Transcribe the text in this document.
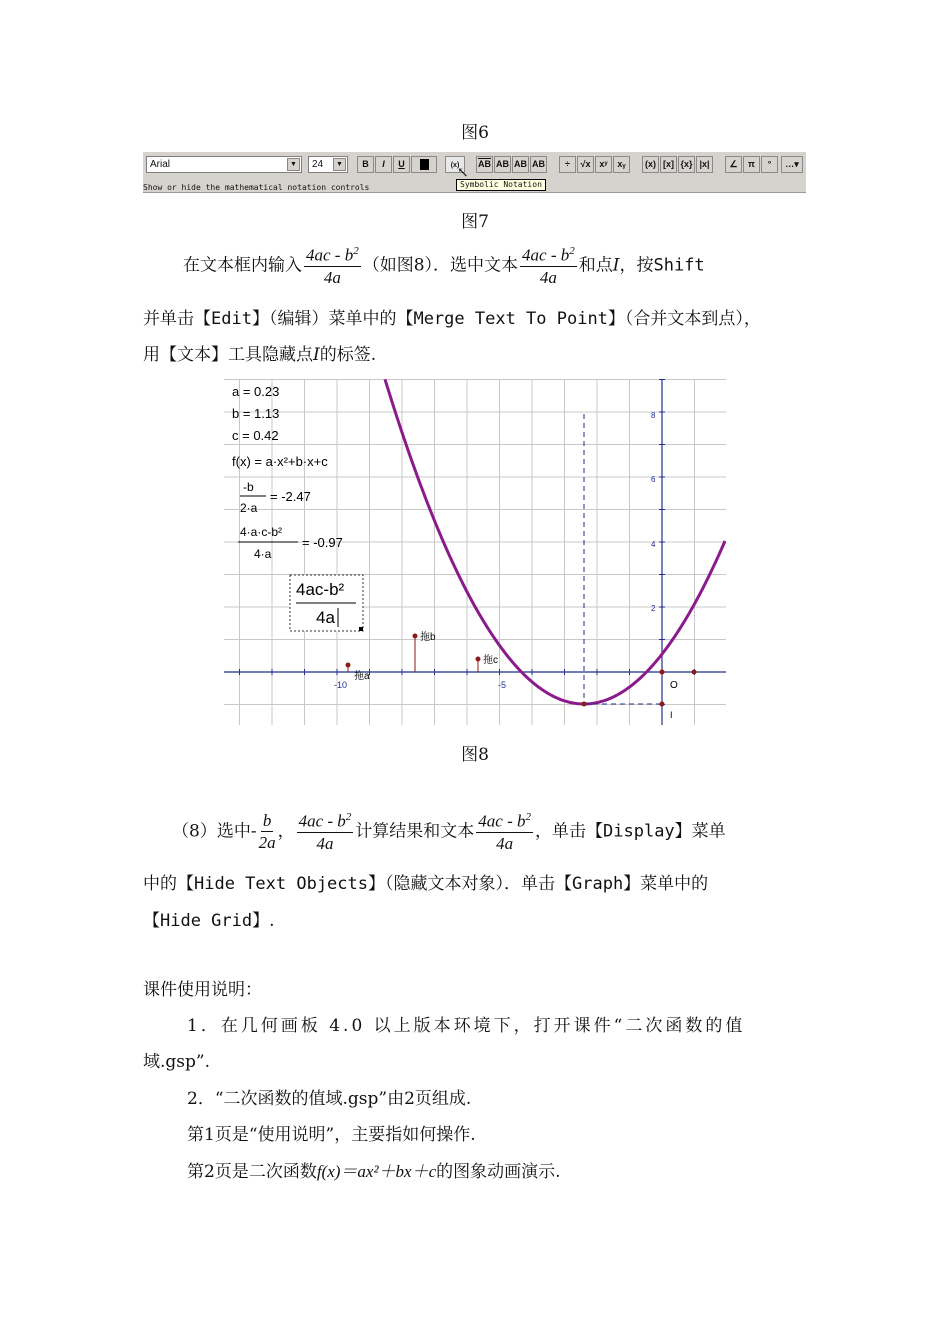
图6
Arial	▼	24	▼	B	I	U	(x)	$\overline{AB}$ AB AB AB	÷	√x xʸ	xᵧ	(x) [x] {x} |x|	∠	π	°	…▾
Show or hide the mathematical notation controls	Symbolic Notation
↖
图7
在文本框内输入 $\frac{4ac - b^2}{4a}$ （如图8）．选中文本 $\frac{4ac - b^2}{4a}$ 和点I，按Shift
并单击【Edit】（编辑）菜单中的【Merge Text To Point】（合并文本到点），
用【文本】工具隐藏点I的标签.
a = 0.23
b = 1.13
c = 0.42
f(x) = a·x²+b·x+c
-b
2·a
= -2.47
4·a·c-b²
4·a
= -0.97
4ac-b²
4a
拖a
拖b
拖c
-10	-5	O
I
8
6
4
2
图8
（8）选中- $\frac{b}{2a}$ ， $\frac{4ac - b^2}{4a}$ 计算结果和文本 $\frac{4ac - b^2}{4a}$ ，单击【Display】菜单
中的【Hide Text Objects】（隐藏文本对象）．单击【Graph】菜单中的
【Hide Grid】.
课件使用说明：
1．在几何画板 4.0 以上版本环境下，打开课件“二次函数的值
域.gsp”.
2．“二次函数的值域.gsp”由2页组成.
第1页是“使用说明”，主要指如何操作.
第2页是二次函数f(x)＝ax²＋bx＋c的图象动画演示.
